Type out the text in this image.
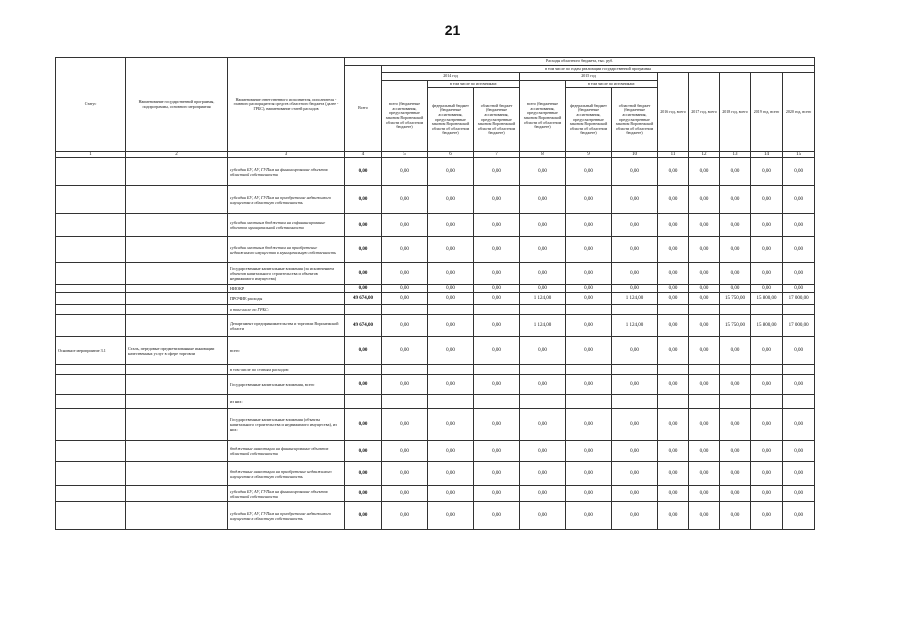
21
Статус	Наименование государственной программы, подпрограммы, основного мероприятия	Наименование ответственного исполнителя, исполнителя - главного распорядителя средств областного бюджета (далее - ГРБС), наименование статей расходов	Расходы областного бюджета, тыс. руб.											
			Всего	в том числе по годам реализации государственной программы										
				2014 год			2015 год			2016 год, всего	2017 год, всего	2018 год, всего	2019 год, всего	2020 год, всего
				всего (бюджетные ассигнования, предусмотренные законом Воронежской области об областном бюджете)	в том числе по источникам:		всего (бюджетные ассигнования, предусмотренные законом Воронежской области об областном бюджете)	в том числе по источникам:						
					федеральный бюджет (бюджетные ассигнования, предусмотренные законом Воронежской области об областном бюджете)	областной бюджет (бюджетные ассигнования, предусмотренные законом Воронежской области об областном бюджете)		федеральный бюджет (бюджетные ассигнования, предусмотренные законом Воронежской области об областном бюджете)	областной бюджет (бюджетные ассигнования, предусмотренные законом Воронежской области об областном бюджете)					
1	2	3	4	5	6	7	8	9	10	11	12	13	14	15
		субсидии БУ, АУ, ГУПам на финансирование объектов областной собственности	0,00	0,00	0,00	0,00	0,00	0,00	0,00	0,00	0,00	0,00	0,00	0,00
		субсидии БУ, АУ, ГУПам на приобретение недвижимого имущества в областную собственность	0,00	0,00	0,00	0,00	0,00	0,00	0,00	0,00	0,00	0,00	0,00	0,00
		субсидии местным бюджетам на софинансирование объектов муниципальной собственности	0,00	0,00	0,00	0,00	0,00	0,00	0,00	0,00	0,00	0,00	0,00	0,00
		субсидии местным бюджетам на приобретение недвижимого имущества в муниципальную собственность	0,00	0,00	0,00	0,00	0,00	0,00	0,00	0,00	0,00	0,00	0,00	0,00
		Государственные капитальные вложения (за исключением объектов капитального строительства и объектов недвижимого имущества)	0,00	0,00	0,00	0,00	0,00	0,00	0,00	0,00	0,00	0,00	0,00	0,00
		НИОКР	0,00	0,00	0,00	0,00	0,00	0,00	0,00	0,00	0,00	0,00	0,00	0,00
		ПРОЧИЕ расходы	49 674,00	0,00	0,00	0,00	1 124,00	0,00	1 124,00	0,00	0,00	15 750,00	15 800,00	17 000,00
		в том числе по ГРБС:												
		Департамент предпринимательства и торговли Воронежской области	49 674,00	0,00	0,00	0,00	1 124,00	0,00	1 124,00	0,00	0,00	15 750,00	15 800,00	17 000,00
Основное мероприятие 3.1	Сталь, передовые предметизованные инновации качественных услуг в сфере торговли	всего	0,00	0,00	0,00	0,00	0,00	0,00	0,00	0,00	0,00	0,00	0,00	0,00
		в том числе по статьям расходов:												
		Государственные капитальные вложения, всего	0,00	0,00	0,00	0,00	0,00	0,00	0,00	0,00	0,00	0,00	0,00	0,00
		из них:												
		Государственные капитальные вложения (объекты капитального строительства и недвижимого имущества), из них:	0,00	0,00	0,00	0,00	0,00	0,00	0,00	0,00	0,00	0,00	0,00	0,00
		бюджетные инвестиции на финансирование объектов областной собственности	0,00	0,00	0,00	0,00	0,00	0,00	0,00	0,00	0,00	0,00	0,00	0,00
		бюджетные инвестиции на приобретение недвижимого имущества в областную собственность	0,00	0,00	0,00	0,00	0,00	0,00	0,00	0,00	0,00	0,00	0,00	0,00
		субсидии БУ, АУ, ГУПам на финансирование объектов областной собственности	0,00	0,00	0,00	0,00	0,00	0,00	0,00	0,00	0,00	0,00	0,00	0,00
		субсидии БУ, АУ, ГУПам на приобретение недвижимого имущества в областную собственность	0,00	0,00	0,00	0,00	0,00	0,00	0,00	0,00	0,00	0,00	0,00	0,00
